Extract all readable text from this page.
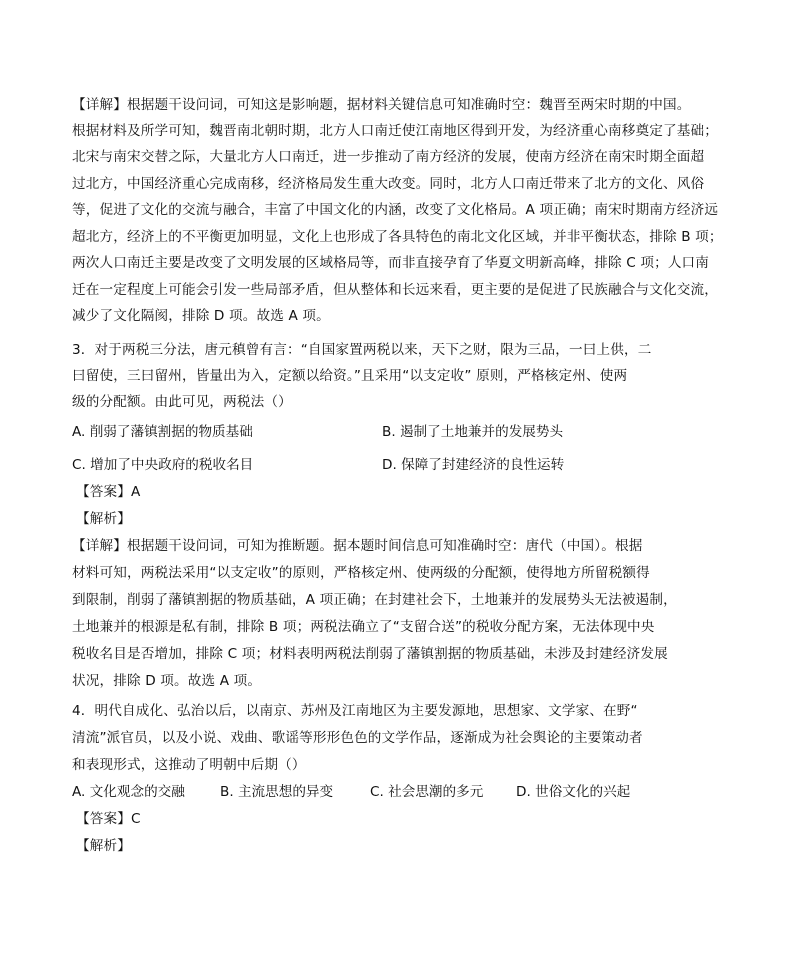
【详解】根据题干设问词，可知这是影响题，据材料关键信息可知准确时空：魏晋至两宋时期的中国。
根据材料及所学可知，魏晋南北朝时期，北方人口南迁使江南地区得到开发，为经济重心南移奠定了基础；
北宋与南宋交替之际，大量北方人口南迁，进一步推动了南方经济的发展，使南方经济在南宋时期全面超
过北方，中国经济重心完成南移，经济格局发生重大改变。同时，北方人口南迁带来了北方的文化、风俗
等，促进了文化的交流与融合，丰富了中国文化的内涵，改变了文化格局。A 项正确；南宋时期南方经济远
超北方，经济上的不平衡更加明显，文化上也形成了各具特色的南北文化区域，并非平衡状态，排除 B 项；
两次人口南迁主要是改变了文明发展的区域格局等，而非直接孕育了华夏文明新高峰，排除 C 项；人口南
迁在一定程度上可能会引发一些局部矛盾，但从整体和长远来看，更主要的是促进了民族融合与文化交流，
减少了文化隔阂，排除 D 项。故选 A 项。
3．对于两税三分法，唐元稹曾有言：“自国家置两税以来，天下之财，限为三品，一曰上供，二
曰留使，三曰留州，皆量出为入，定额以给资。”且采用“以支定收” 原则，严格核定州、使两
级的分配额。由此可见，两税法（）
A. 削弱了藩镇割据的物质基础	B. 遏制了土地兼并的发展势头
C. 增加了中央政府的税收名目	D. 保障了封建经济的良性运转
【答案】A
【解析】
【详解】根据题干设问词，可知为推断题。据本题时间信息可知准确时空：唐代（中国）。根据
材料可知，两税法采用“以支定收”的原则，严格核定州、使两级的分配额，使得地方所留税额得
到限制，削弱了藩镇割据的物质基础，A 项正确；在封建社会下，土地兼并的发展势头无法被遏制，
土地兼并的根源是私有制，排除 B 项；两税法确立了“支留合送”的税收分配方案，无法体现中央
税收名目是否增加，排除 C 项；材料表明两税法削弱了藩镇割据的物质基础，未涉及封建经济发展
状况，排除 D 项。故选 A 项。
4．明代自成化、弘治以后，以南京、苏州及江南地区为主要发源地，思想家、文学家、在野“
清流”派官员，以及小说、戏曲、歌谣等形形色色的文学作品，逐渐成为社会舆论的主要策动者
和表现形式，这推动了明朝中后期（）
A. 文化观念的交融	B. 主流思想的异变	C. 社会思潮的多元 D. 世俗文化的兴起
【答案】C
【解析】
